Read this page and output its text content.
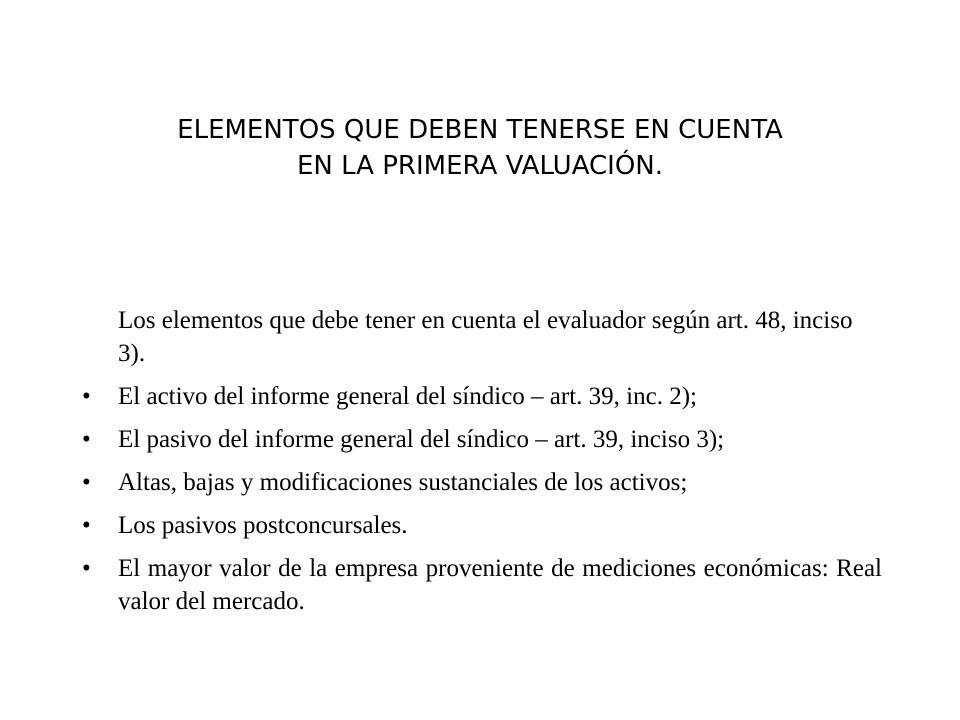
ELEMENTOS QUE DEBEN TENERSE EN CUENTA
EN LA PRIMERA VALUACIÓN.

Los elementos que debe tener en cuenta el evaluador según art. 48, inciso 3).

• El activo del informe general del síndico – art. 39, inc. 2);
• El pasivo del informe general del síndico – art. 39, inciso 3);
• Altas, bajas y modificaciones sustanciales de los activos;
• Los pasivos postconcursales.
• El mayor valor de la empresa proveniente de mediciones económicas: Real valor del mercado.
